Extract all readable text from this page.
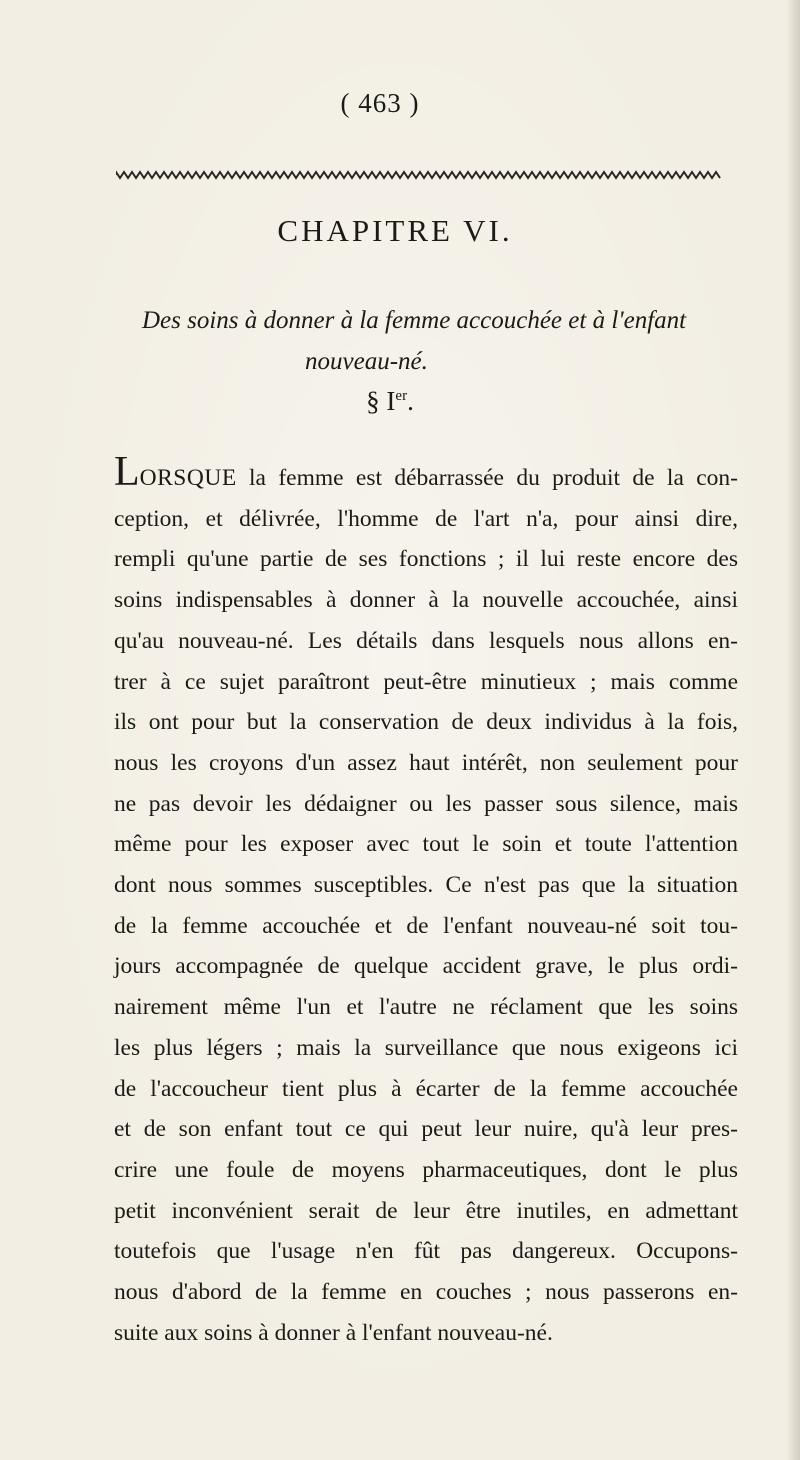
( 463 )
CHAPITRE VI.
Des soins à donner à la femme accouchée et à l'enfant
nouveau-né.
§ Ier.
LORSQUE la femme est débarrassée du produit de la con-
ception, et délivrée, l'homme de l'art n'a, pour ainsi dire,
rempli qu'une partie de ses fonctions ; il lui reste encore des
soins indispensables à donner à la nouvelle accouchée, ainsi
qu'au nouveau-né. Les détails dans lesquels nous allons en-
trer à ce sujet paraîtront peut-être minutieux ; mais comme
ils ont pour but la conservation de deux individus à la fois,
nous les croyons d'un assez haut intérêt, non seulement pour
ne pas devoir les dédaigner ou les passer sous silence, mais
même pour les exposer avec tout le soin et toute l'attention
dont nous sommes susceptibles. Ce n'est pas que la situation
de la femme accouchée et de l'enfant nouveau-né soit tou-
jours accompagnée de quelque accident grave, le plus ordi-
nairement même l'un et l'autre ne réclament que les soins
les plus légers ; mais la surveillance que nous exigeons ici
de l'accoucheur tient plus à écarter de la femme accouchée
et de son enfant tout ce qui peut leur nuire, qu'à leur pres-
crire une foule de moyens pharmaceutiques, dont le plus
petit inconvénient serait de leur être inutiles, en admettant
toutefois que l'usage n'en fût pas dangereux. Occupons-
nous d'abord de la femme en couches ; nous passerons en-
suite aux soins à donner à l'enfant nouveau-né.
